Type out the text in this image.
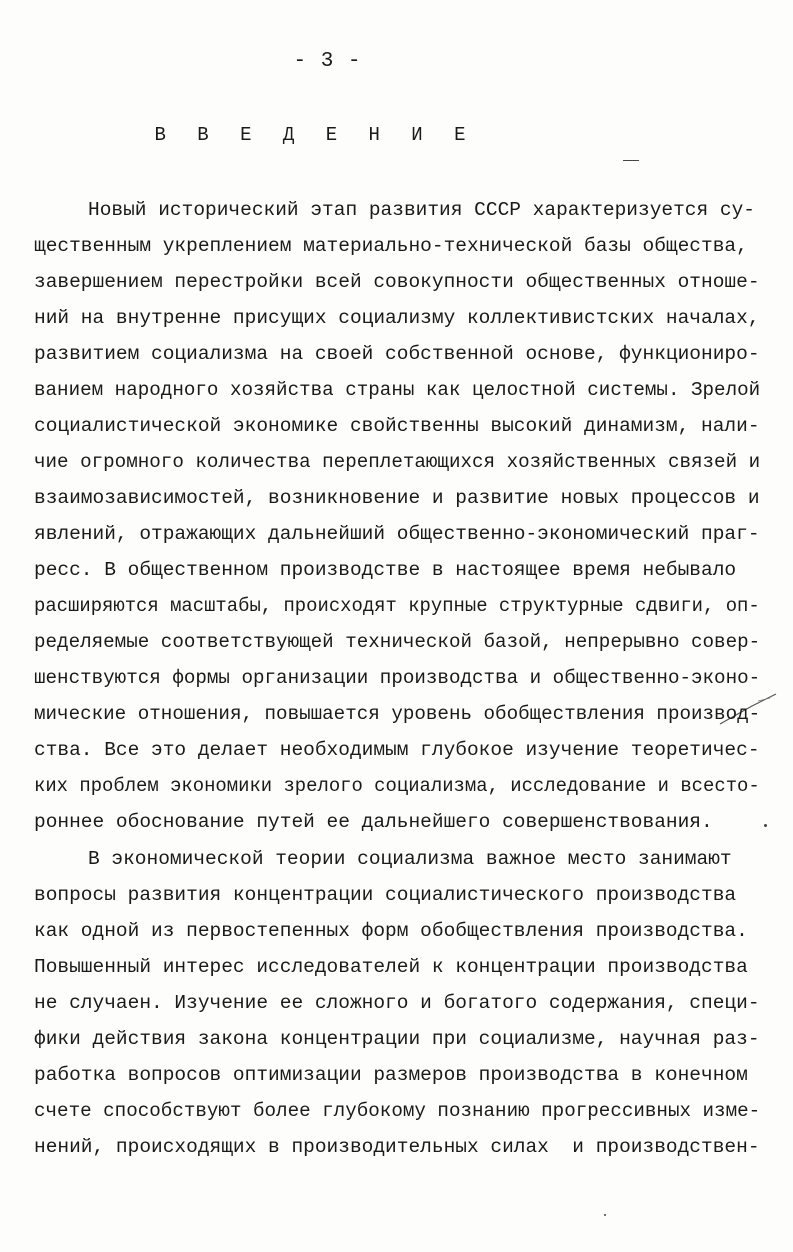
- 3 -
В В Е Д Е Н И Е
Новый исторический этап развития СССР характеризуется су-
щественным укреплением материально-технической базы общества,
завершением перестройки всей совокупности общественных отноше-
ний на внутренне присущих социализму коллективистских началах,
развитием социализма на своей собственной основе, функциониро-
ванием народного хозяйства страны как целостной системы. Зрелой
социалистической экономике свойственны высокий динамизм, нали-
чие огромного количества переплетающихся хозяйственных связей и
взаимозависимостей, возникновение и развитие новых процессов и
явлений, отражающих дальнейший общественно-экономический праг-
ресс. В общественном производстве в настоящее время небывало
расширяются масштабы, происходят крупные структурные сдвиги, оп-
ределяемые соответствующей технической базой, непрерывно совер-
шенствуются формы организации производства и общественно-эконо-
мические отношения, повышается уровень обобществления производ-
ства. Все это делает необходимым глубокое изучение теоретичес-
ких проблем экономики зрелого социализма, исследование и всесто-
роннее обоснование путей ее дальнейшего совершенствования.
В экономической теории социализма важное место занимают
вопросы развития концентрации социалистического производства
как одной из первостепенных форм обобществления производства.
Повышенный интерес исследователей к концентрации производства
не случаен. Изучение ее сложного и богатого содержания, специ-
фики действия закона концентрации при социализме, научная раз-
работка вопросов оптимизации размеров производства в конечном
счете способствуют более глубокому познанию прогрессивных изме-
нений, происходящих в производительных силах  и производствен-
